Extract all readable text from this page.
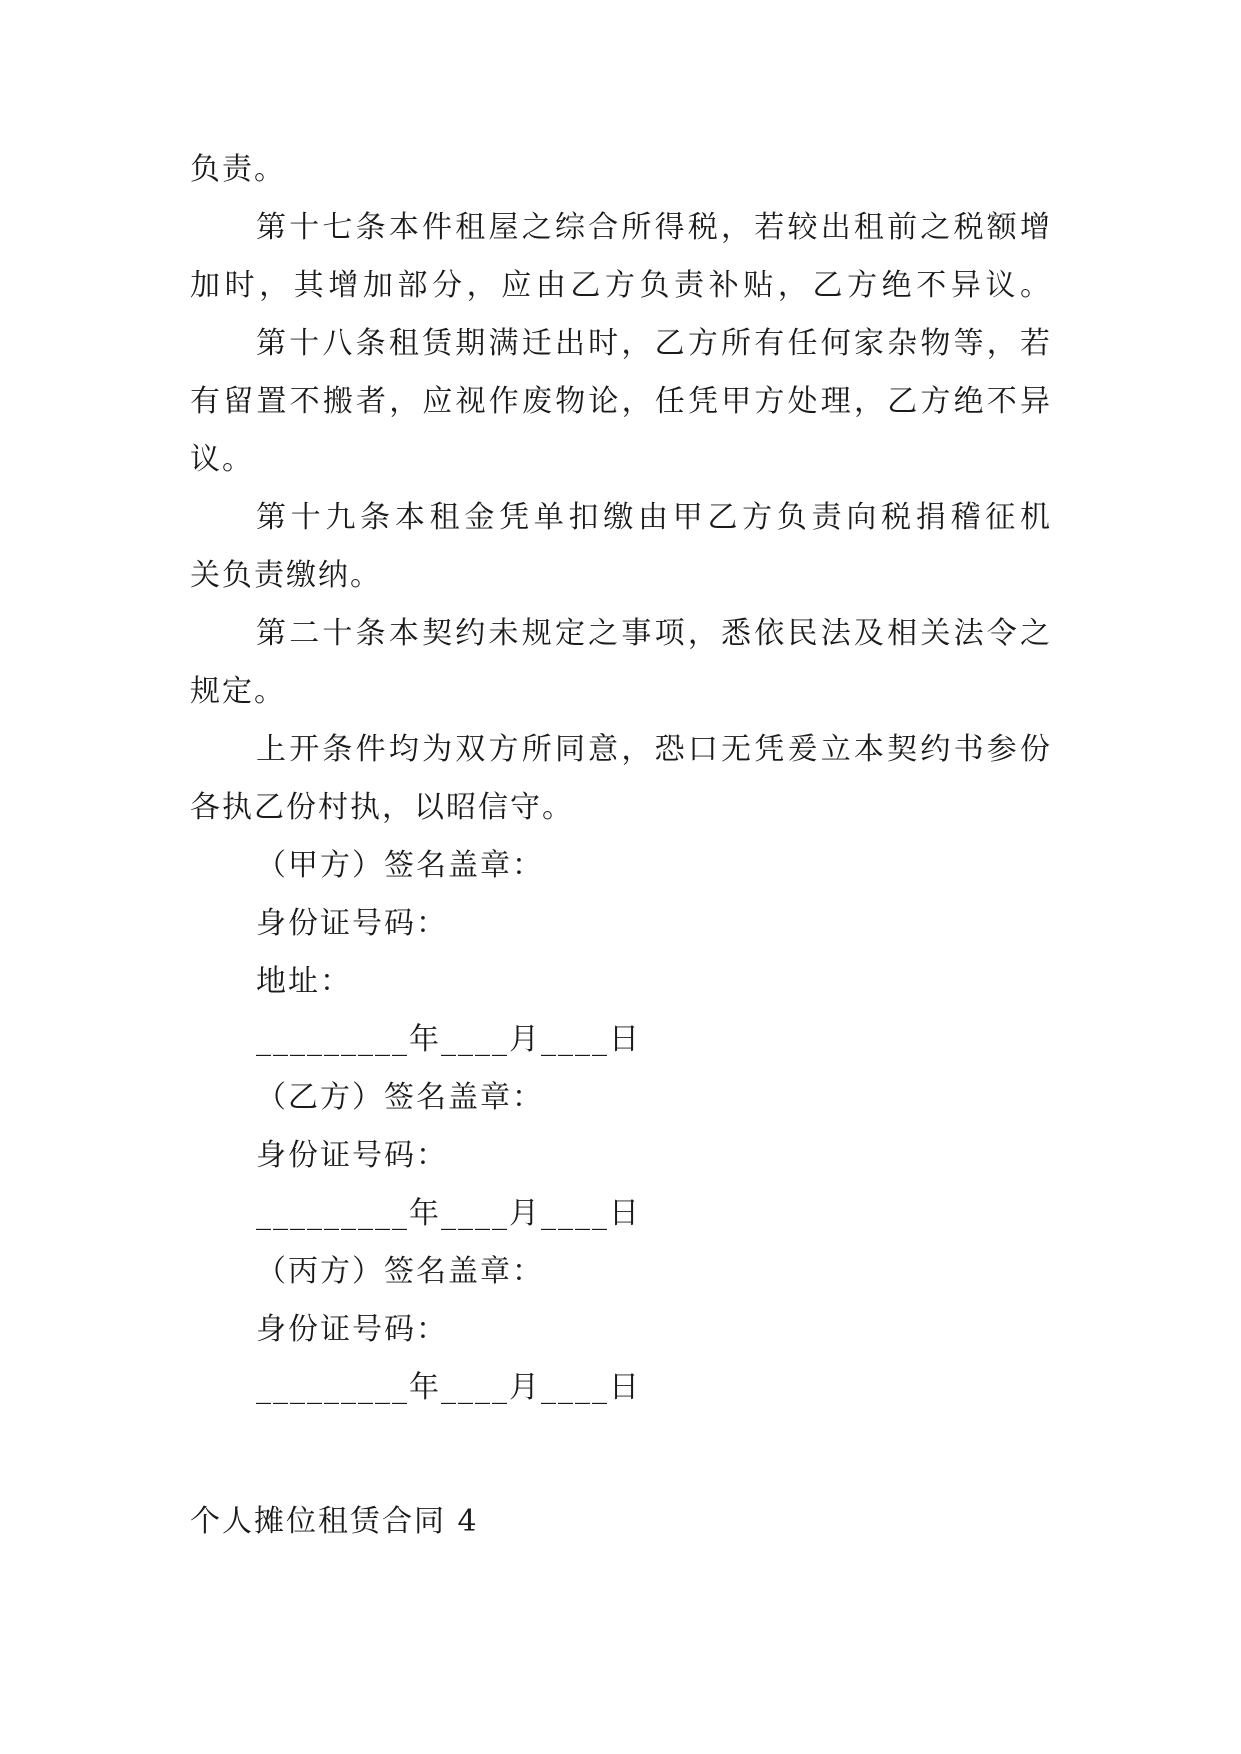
负责。
第十七条本件租屋之综合所得税，若较出租前之税额增
加时，其增加部分，应由乙方负责补贴，乙方绝不异议。
第十八条租赁期满迁出时，乙方所有任何家杂物等，若
有留置不搬者，应视作废物论，任凭甲方处理，乙方绝不异
议。
第十九条本租金凭单扣缴由甲乙方负责向税捐稽征机
关负责缴纳。
第二十条本契约未规定之事项，悉依民法及相关法令之
规定。
上开条件均为双方所同意，恐口无凭爰立本契约书参份
各执乙份村执，以昭信守。
（甲方）签名盖章：
身份证号码：
地址：
_________年____月____日
（乙方）签名盖章：
身份证号码：
_________年____月____日
（丙方）签名盖章：
身份证号码：
_________年____月____日
个人摊位租赁合同 4
